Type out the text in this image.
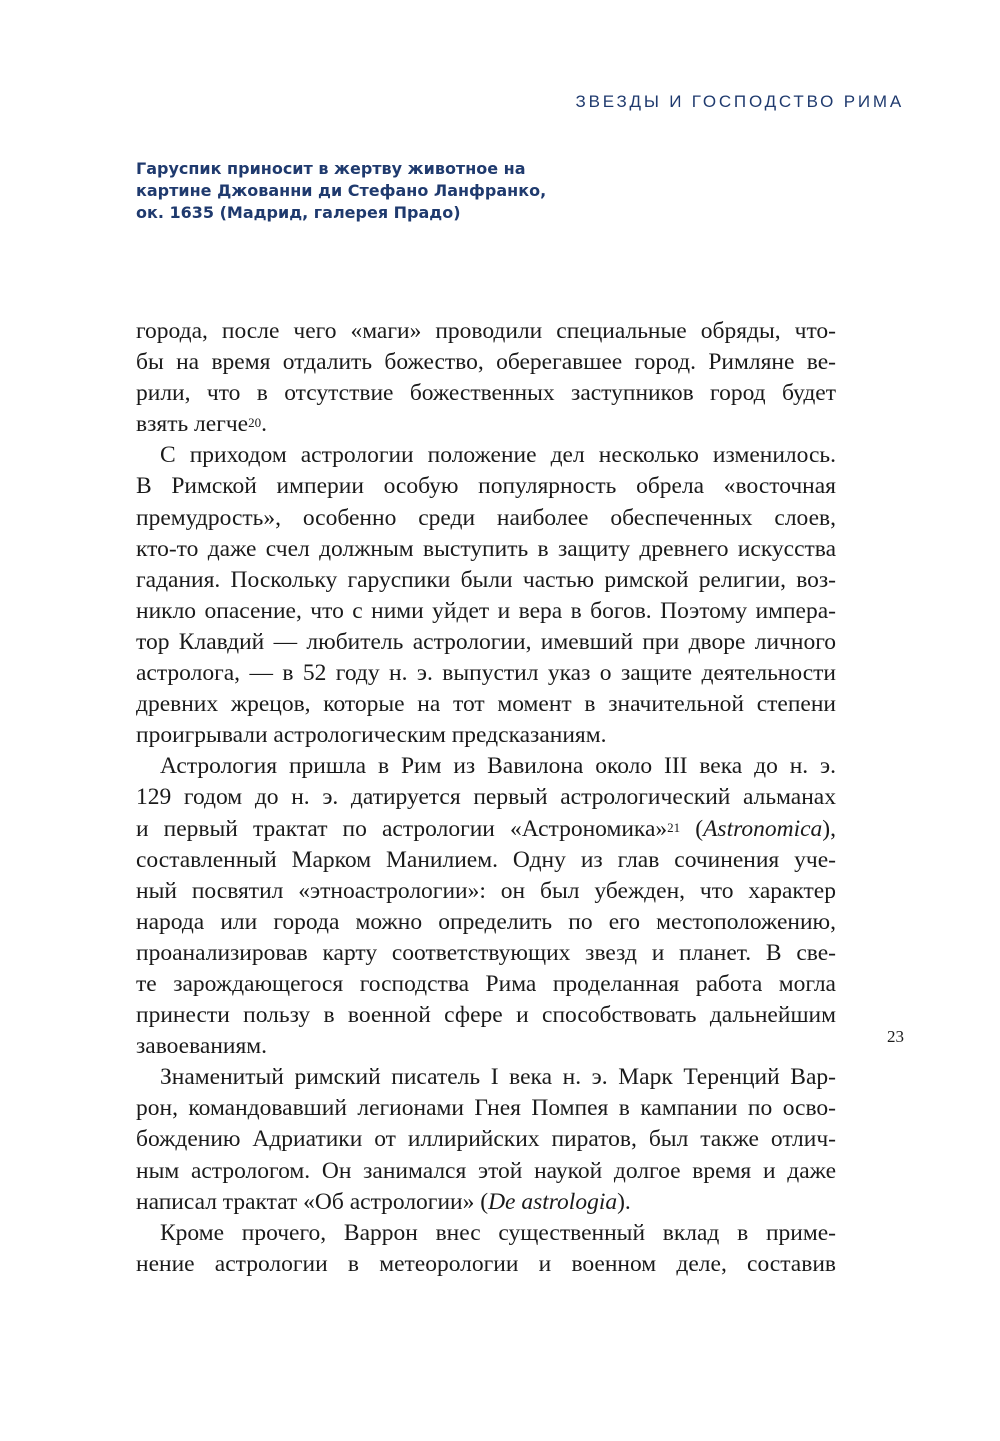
ЗВЕЗДЫ И ГОСПОДСТВО РИМА
Гаруспик приносит в жертву животное на
картине Джованни ди Стефано Ланфранко,
ок. 1635 (Мадрид, галерея Прадо)
города, после чего «маги» проводили специальные обряды, что-
бы на время отдалить божество, оберегавшее город. Римляне ве-
рили, что в отсутствие божественных заступников город будет
взять легче$^{20}$.
С приходом астрологии положение дел несколько изменилось.
В Римской империи особую популярность обрела «восточная
премудрость», особенно среди наиболее обеспеченных слоев,
кто-то даже счел должным выступить в защиту древнего искусства
гадания. Поскольку гаруспики были частью римской религии, воз-
никло опасение, что с ними уйдет и вера в богов. Поэтому импера-
тор Клавдий — любитель астрологии, имевший при дворе личного
астролога, — в 52 году н. э. выпустил указ о защите деятельности
древних жрецов, которые на тот момент в значительной степени
проигрывали астрологическим предсказаниям.
Астрология пришла в Рим из Вавилона около III века до н. э.
129 годом до н. э. датируется первый астрологический альманах
и первый трактат по астрологии «Астрономика»$^{21}$ (Astronomica),
составленный Марком Манилием. Одну из глав сочинения уче-
ный посвятил «этноастрологии»: он был убежден, что характер
народа или города можно определить по его местоположению,
проанализировав карту соответствующих звезд и планет. В све-
те зарождающегося господства Рима проделанная работа могла
принести пользу в военной сфере и способствовать дальнейшим
завоеваниям.
Знаменитый римский писатель I века н. э. Марк Теренций Вар-
рон, командовавший легионами Гнея Помпея в кампании по осво-
бождению Адриатики от иллирийских пиратов, был также отлич-
ным астрологом. Он занимался этой наукой долгое время и даже
написал трактат «Об астрологии» (De astrologia).
Кроме прочего, Варрон внес существенный вклад в приме-
нение астрологии в метеорологии и военном деле, составив
23
